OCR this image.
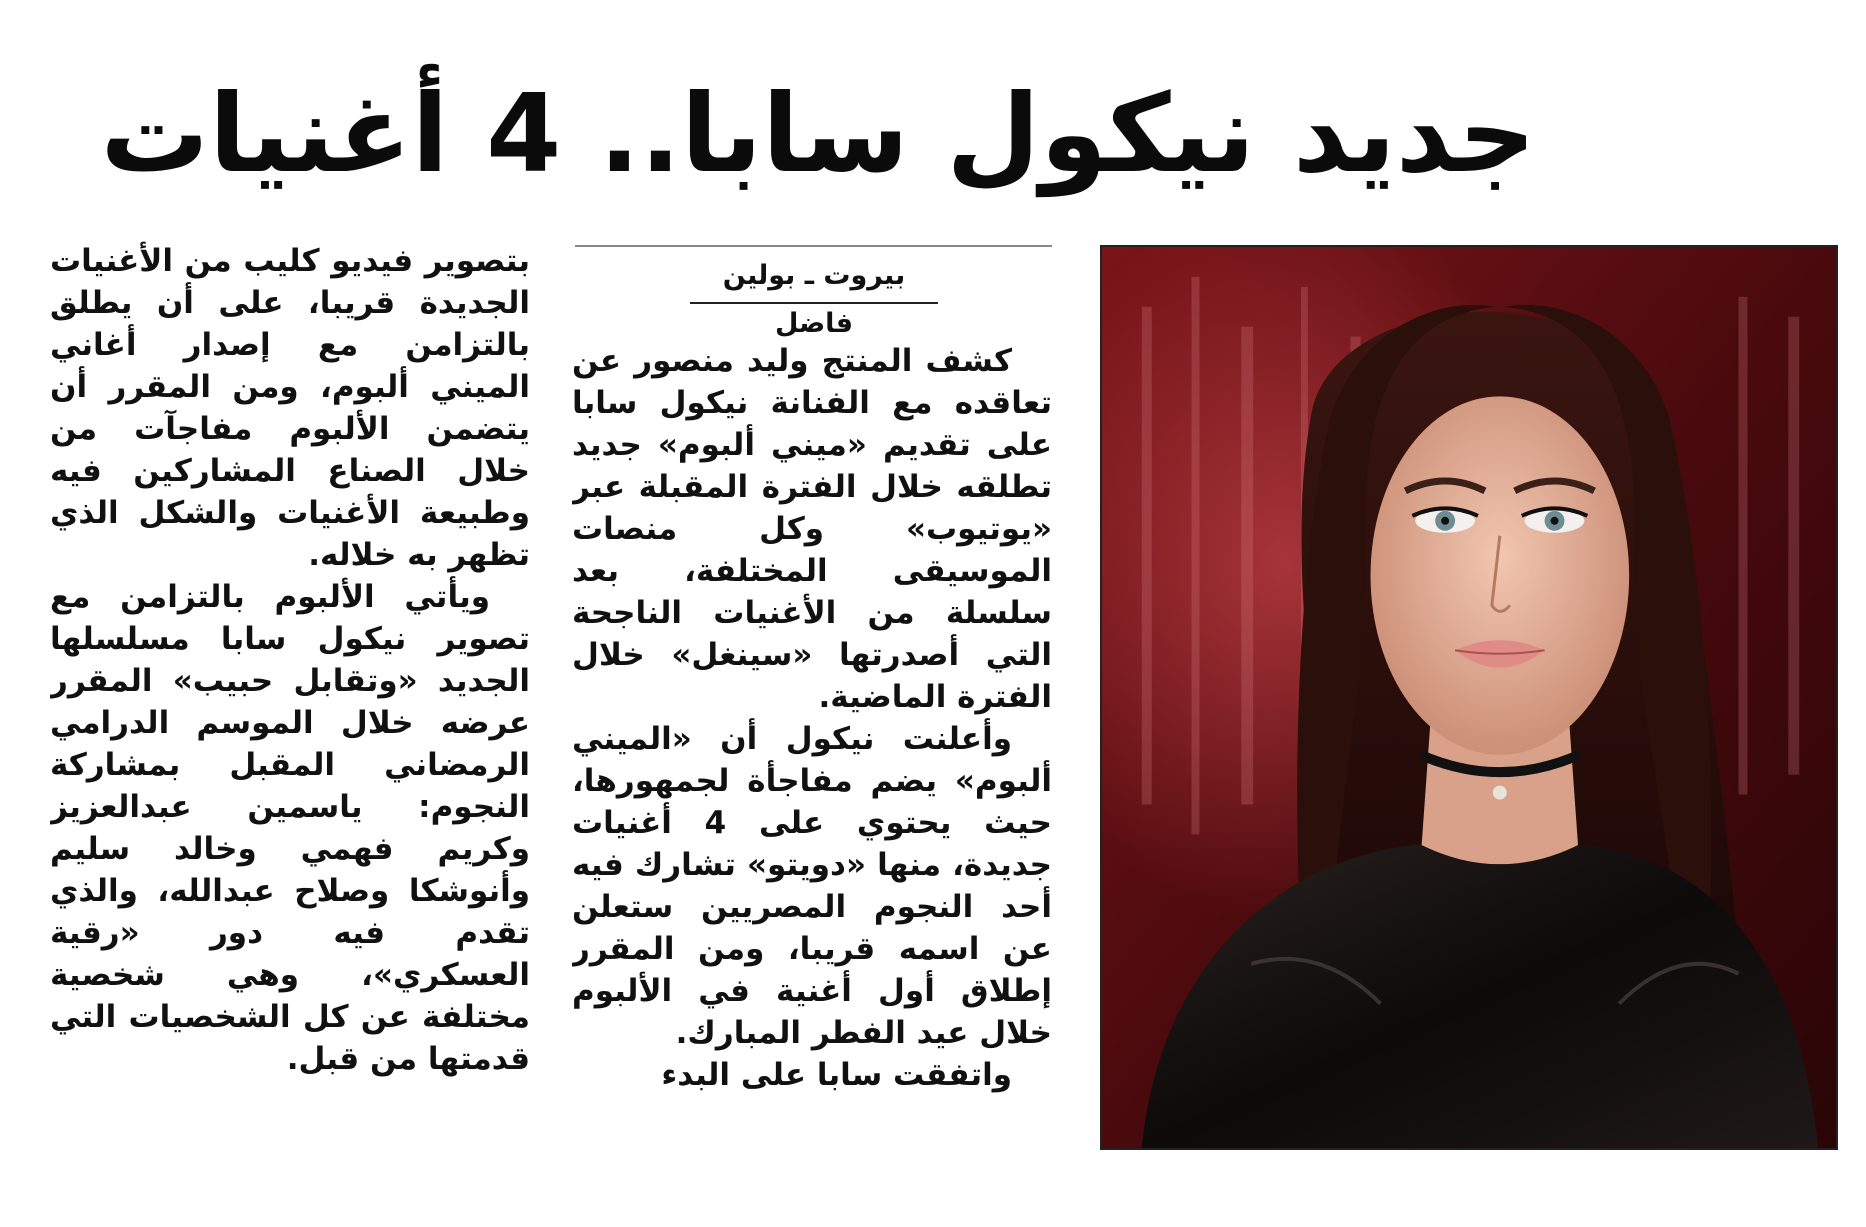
جديد نيكول سابا.. 4 أغنيات
بيروت ـ بولين فاضل

كشف المنتج وليد منصور عن تعاقده مع الفنانة نيكول سابا على تقديم «ميني ألبوم» جديد تطلقه خلال الفترة المقبلة عبر «يوتيوب» وكل منصات الموسيقى المختلفة، بعد سلسلة من الأغنيات الناجحة التي أصدرتها «سينغل» خلال الفترة الماضية.

وأعلنت نيكول أن «الميني ألبوم» يضم مفاجأة لجمهورها، حيث يحتوي على 4 أغنيات جديدة، منها «دويتو» تشارك فيه أحد النجوم المصريين ستعلن عن اسمه قريبا، ومن المقرر إطلاق أول أغنية في الألبوم خلال عيد الفطر المبارك.

واتفقت سابا على البدء

بتصوير فيديو كليب من الأغنيات الجديدة قريبا، على أن يطلق بالتزامن مع إصدار أغاني الميني ألبوم، ومن المقرر أن يتضمن الألبوم مفاجآت من خلال الصناع المشاركين فيه وطبيعة الأغنيات والشكل الذي تظهر به خلاله.

ويأتي الألبوم بالتزامن مع تصوير نيكول سابا مسلسلها الجديد «وتقابل حبيب» المقرر عرضه خلال الموسم الدرامي الرمضاني المقبل بمشاركة النجوم: ياسمين عبدالعزيز وكريم فهمي وخالد سليم وأنوشكا وصلاح عبدالله، والذي تقدم فيه دور «رقية العسكري»، وهي شخصية مختلفة عن كل الشخصيات التي قدمتها من قبل.
